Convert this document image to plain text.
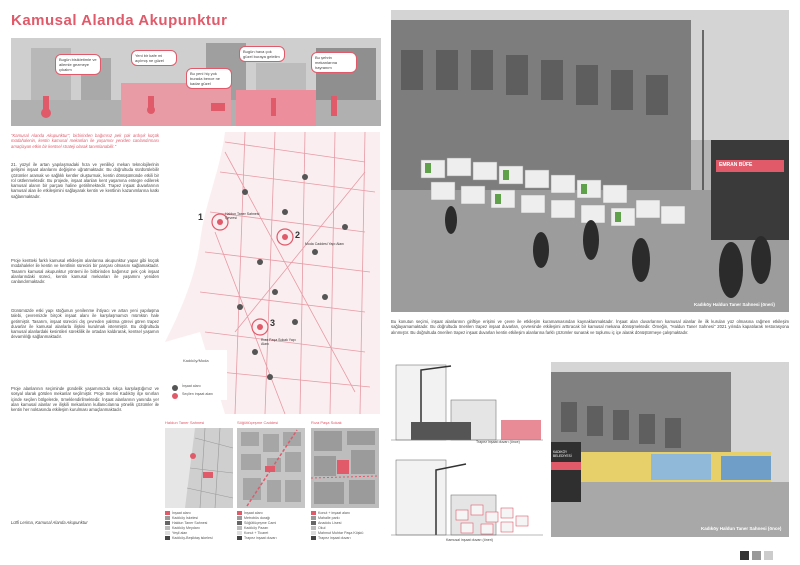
Kamusal Alanda Akupunktur
Bugün bisikletimle ve ailemle gezmeye çıkalım
Yeni bir kafe mi açılmış ne güzel
Bu yeni hiç yok burada bence ne kadar güzel
Bugün hava çok güzel buraya gelelim	Bu şehrin mekanlarına hayranım
"Kamusal Alanda Akupunktur", birbirinden bağımsız pek çok ardışık küçük müdahalenin, kentin kamusal mekanları ile yaşamını yeniden canlandırması amaçlayan etkin bir kentsel strateji olarak tanımlanabilir."
21. yüzyıl ile artan yapılaşmadaki hıza ve yenilikçi mekan teknolojilerinin gelişimi inşaat alanlarını değişime uğratmaktadır. Bu doğrultuda sürdürülebilir çözümler aramak ve sağlıklı kentler oluşturmak, kentin dönüşümünde etkili bir rol üstlenmektedir. Bu projede, inşaat alanları kent yaşamına entegre edilerek kamusal alanın bir parçası haline getirilmektedir. Trapez inşaat duvarlarının kamusal alan ile etkileşimini sağlayarak kentin ve kentlinin kazanımlarına katkı sağlanmaktadır.
Proje kentteki farklı kamusal etkileşim alanlarına akupunktur yapar gibi küçük müdahaleler ile kentin ve kentlinin sürecini bir parçası olmasını sağlamaktadır. Tasarım kamusal akupunktur yöntemi ile birbirinden bağımsız pek çok inşaat alanlarındaki süreci, kentin kamusal mekanları ile yaşamını yeniden canlandırmaktadır.
Günümüzde eski yapı stoğunun yenilenme ihtiyacı ve artan yeni yapılaşma talebi, çevremizde birçok inşaat alanı ile karşılaşmamızı mümkün hale getirmiştir. Tasarım, inşaat sürecini dış çevreden yalıtma görevi gören trapez duvarlar ile kamusal alanlarla ilişkisi kurulmak istenmiştir. Bu doğrultuda kamusal alanlardaki kesintileri süreklilik ile ortadan kaldırarak, kentsel yaşamın devamlılığı sağlanmaktadır.
Proje alanlarının seçiminde gündelik yaşamımızda sıkça karşılaştığımız ve sosyal olarak görülen mekanlar seçilmiştir. Proje önerisi Kadıköy ilçe sınırları içinde seçilen bölgelerde, örneklendirilmektedir. İnşaat alanlarının yanında yer alan kamusal alanlar ve ilişkili mekanların kullanıcılarına yönelik çözümler ile kentin her noktasında etkileşim kurulması amaçlanmaktadır.
Lütfi Lerima, Kamusal Alanda Akupunktur
1	Haldun Taner Sahnesi Çevresi
2
Moda Caddesi Yapı Alanı
3
Rıza Paşa Sokak Yapı Alanı
Kadıköy/Moda
İnşaat alanı
Seçilen inşaat alanı
Haldun Taner Sahnesi	Söğütlüçeşme Caddesi	Rıza Paşa Sokak
İnşaat alanı
Kadıköy İskelesi
Haldun Taner Sahnesi
Kadıköy Meydanı
Yeşil alan
Kadıköy-Beşiktaş iskelesi
İnşaat alanı
Metrobüs durağı
Söğütlüçeşme Cami
Kadıköy Pazarı
Konut + Ticaret
Trapez inşaat duvarı
Konut + inşaat alanı
Mahalle parkı
Anadolu Lisesi
Okul
Mahmut Muhtar Paşa Köşkü
Trapez inşaat duvarı
EMRAN BÜFE
Kadıköy Haldun Taner Sahnesi (öneri)
Bu konutun seçimi, inşaat alanlarının giriftiye erişimi ve çevre ile etkileşim kuramamasından kaynaklanmaktadır. İnşaat alan duvarlarının kamusal alanlar ile ilk kurulan yüz olmasına rağmen etkileşim sağlayamamaktadır. Bu doğrultuda önerilen trapez inşaat duvarları, çevresinde etkileşimi arttıracak bir kamusal mekana dönüşmektedir. Örneğin, "Haldun Taner Sahnesi" 2021 yılında kapatılarak restorasyona alınmıştır. Bu doğrultuda önerilen trapez inşaat duvarları kentin etkileşim alanlarına farklı çözümler sunarak ve toplumu iç içe alarak dönüştürmeye çalışmaktadır.
Trapez inşaat duvarı (önce)
Kamusal inşaat duvarı (öneri)
KADIKÖY BELEDİYESİ
Kadıköy Haldun Taner Sahnesi (önce)
